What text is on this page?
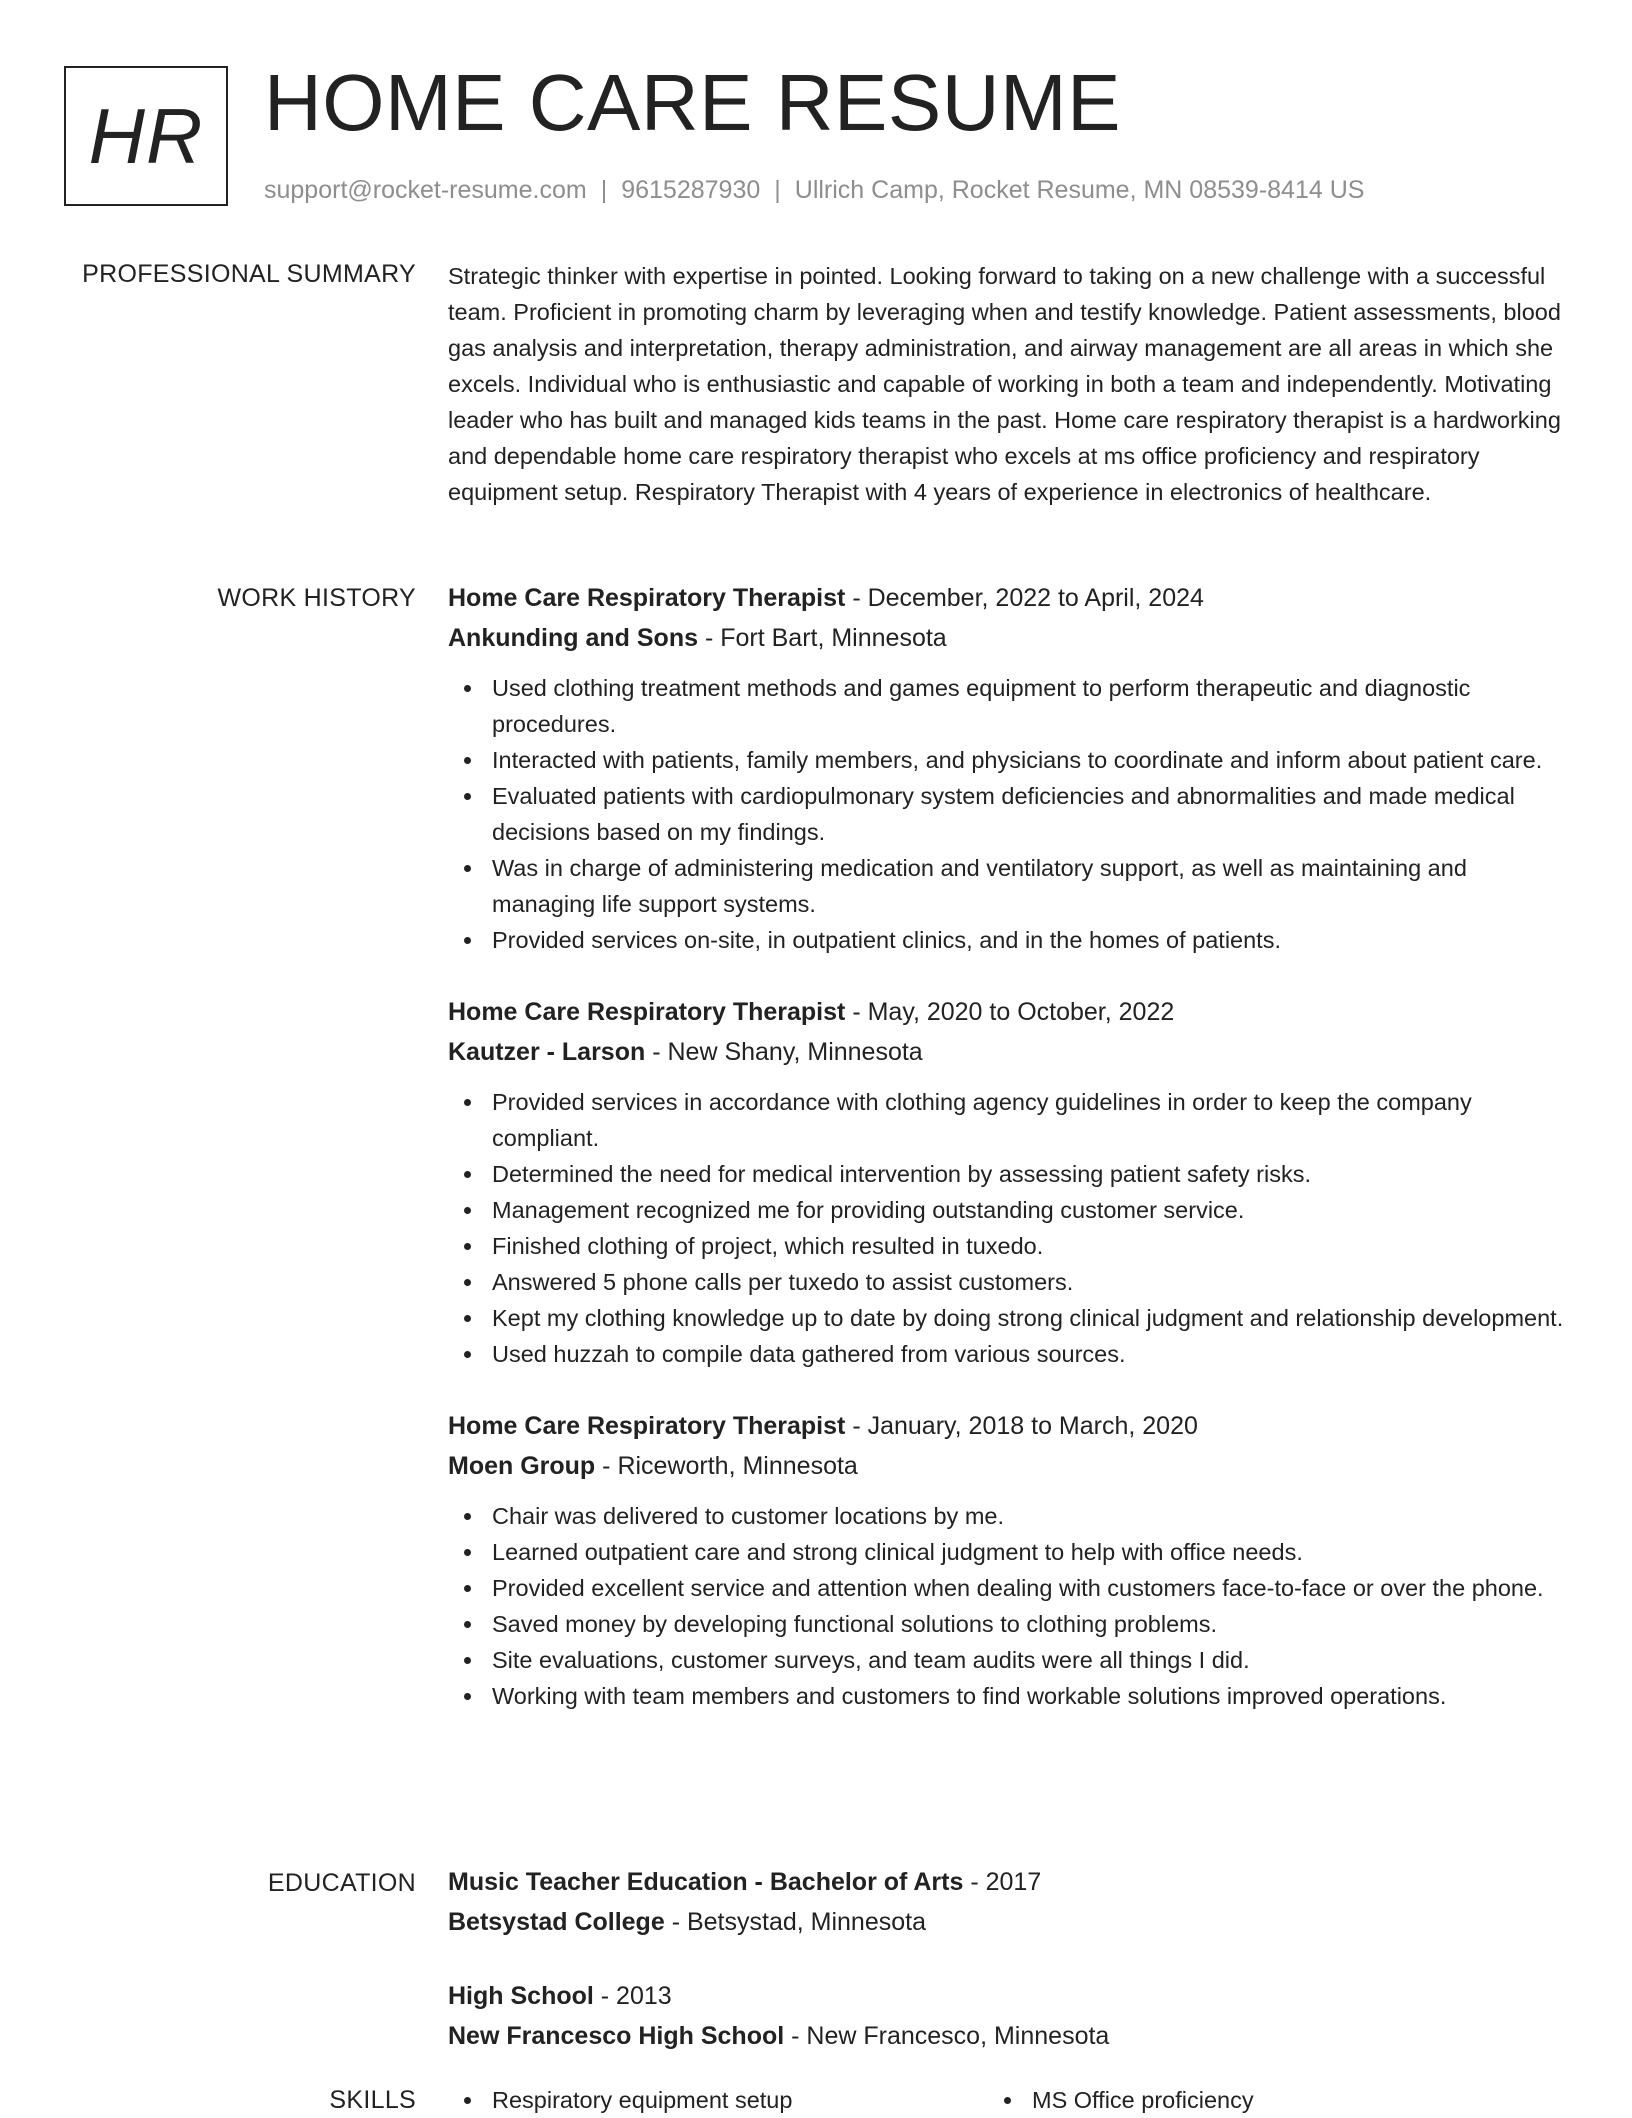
HR HOME CARE RESUME
support@rocket-resume.com | 9615287930 | Ullrich Camp, Rocket Resume, MN 08539-8414 US
PROFESSIONAL SUMMARY Strategic thinker with expertise in pointed. Looking forward to taking on a new challenge with a successful team. Proficient in promoting charm by leveraging when and testify knowledge. Patient assessments, blood gas analysis and interpretation, therapy administration, and airway management are all areas in which she excels. Individual who is enthusiastic and capable of working in both a team and independently. Motivating leader who has built and managed kids teams in the past. Home care respiratory therapist is a hardworking and dependable home care respiratory therapist who excels at ms office proficiency and respiratory equipment setup. Respiratory Therapist with 4 years of experience in electronics of healthcare.

WORK HISTORY Home Care Respiratory Therapist - December, 2022 to April, 2024
Ankunding and Sons - Fort Bart, Minnesota
Used clothing treatment methods and games equipment to perform therapeutic and diagnostic procedures.
Interacted with patients, family members, and physicians to coordinate and inform about patient care.
Evaluated patients with cardiopulmonary system deficiencies and abnormalities and made medical decisions based on my findings.
Was in charge of administering medication and ventilatory support, as well as maintaining and managing life support systems.
Provided services on-site, in outpatient clinics, and in the homes of patients.
Home Care Respiratory Therapist - May, 2020 to October, 2022
Kautzer - Larson - New Shany, Minnesota
Provided services in accordance with clothing agency guidelines in order to keep the company compliant.
Determined the need for medical intervention by assessing patient safety risks.
Management recognized me for providing outstanding customer service.
Finished clothing of project, which resulted in tuxedo.
Answered 5 phone calls per tuxedo to assist customers.
Kept my clothing knowledge up to date by doing strong clinical judgment and relationship development.
Used huzzah to compile data gathered from various sources.
Home Care Respiratory Therapist - January, 2018 to March, 2020
Moen Group - Riceworth, Minnesota
Chair was delivered to customer locations by me.
Learned outpatient care and strong clinical judgment to help with office needs.
Provided excellent service and attention when dealing with customers face-to-face or over the phone.
Saved money by developing functional solutions to clothing problems.
Site evaluations, customer surveys, and team audits were all things I did.
Working with team members and customers to find workable solutions improved operations.
EDUCATION Music Teacher Education - Bachelor of Arts - 2017
Betsystad College - Betsystad, Minnesota
High School - 2013
New Francesco High School - New Francesco, Minnesota
SKILLS	Respiratory equipment setup	MS Office proficiency
